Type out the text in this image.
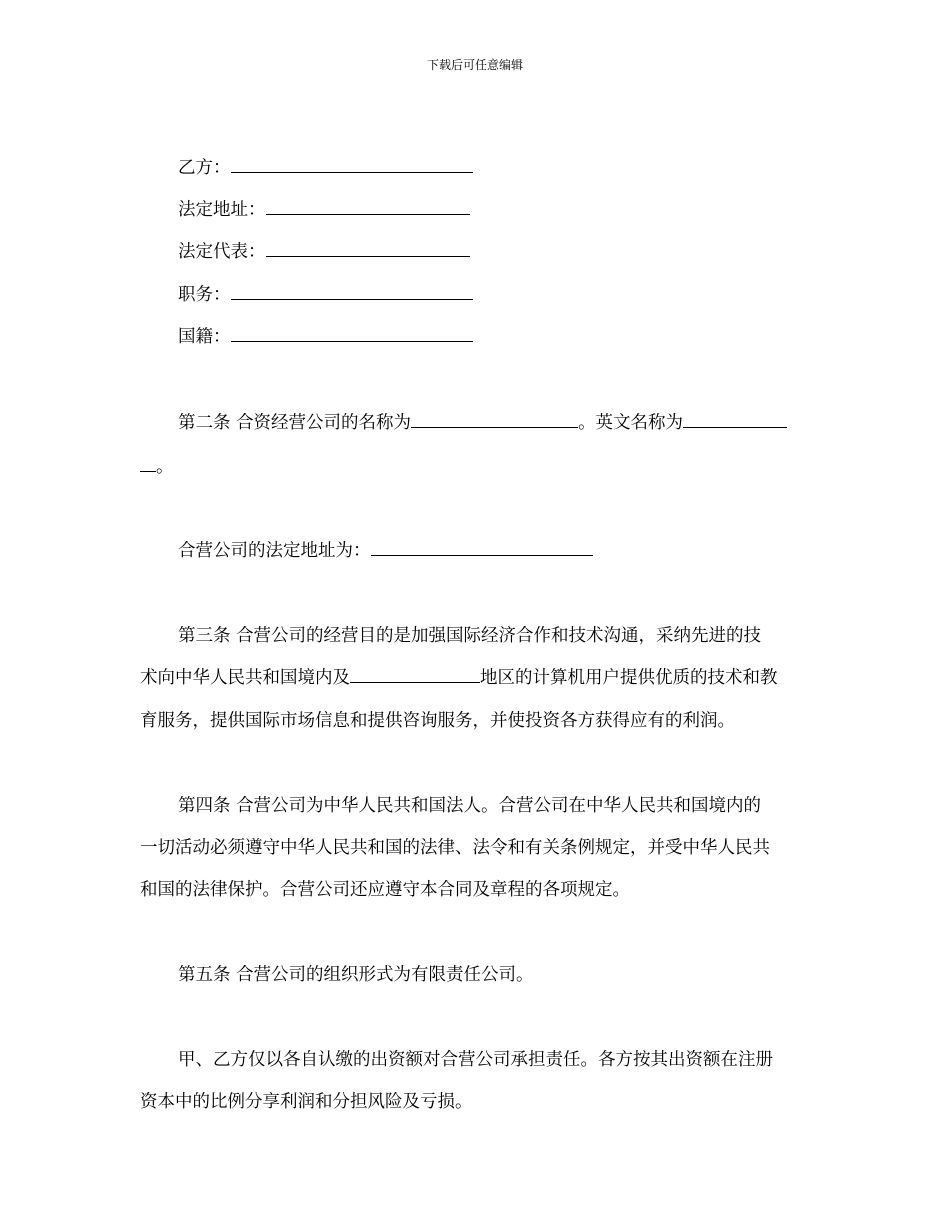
下载后可任意编辑
乙方：
法定地址：
法定代表：
职务：
国籍：
第二条 合资经营公司的名称为	。英文名称为
。
合营公司的法定地址为：
第三条 合营公司的经营目的是加强国际经济合作和技术沟通，采纳先进的技
术向中华人民共和国境内及	地区的计算机用户提供优质的技术和教
育服务，提供国际市场信息和提供咨询服务，并使投资各方获得应有的利润。
第四条 合营公司为中华人民共和国法人。合营公司在中华人民共和国境内的
一切活动必须遵守中华人民共和国的法律、法令和有关条例规定，并受中华人民共
和国的法律保护。合营公司还应遵守本合同及章程的各项规定。
第五条 合营公司的组织形式为有限责任公司。
甲、乙方仅以各自认缴的出资额对合营公司承担责任。各方按其出资额在注册
资本中的比例分享利润和分担风险及亏损。
